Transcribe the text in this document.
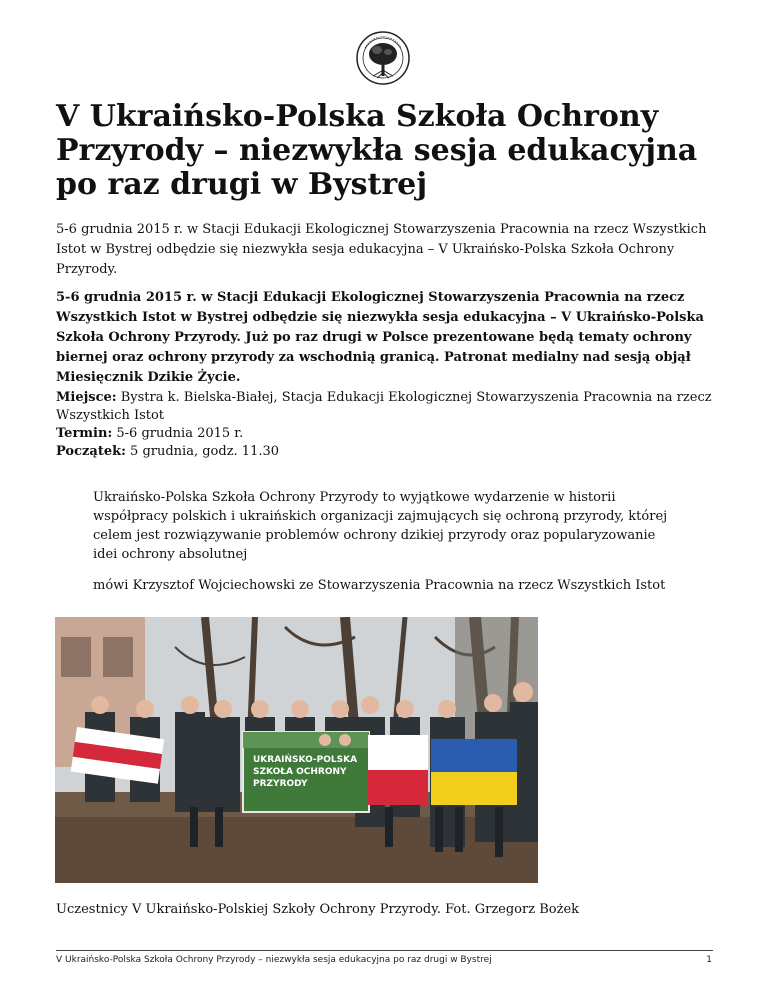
V Ukraińsko-Polska Szkoła Ochrony Przyrody – niezwykła sesja edukacyjna po raz drugi w Bystrej

5-6 grudnia 2015 r. w Stacji Edukacji Ekologicznej Stowarzyszenia Pracownia na rzecz Wszystkich Istot w Bystrej odbędzie się niezwykła sesja edukacyjna – V Ukraińsko-Polska Szkoła Ochrony Przyrody.

5-6 grudnia 2015 r. w Stacji Edukacji Ekologicznej Stowarzyszenia Pracownia na rzecz Wszystkich Istot w Bystrej odbędzie się niezwykła sesja edukacyjna – V Ukraińsko-Polska Szkoła Ochrony Przyrody. Już po raz drugi w Polsce prezentowane będą tematy ochrony biernej oraz ochrony przyrody za wschodnią granicą. Patronat medialny nad sesją objął Miesięcznik Dzikie Życie.

Miejsce: Bystra k. Bielska-Białej, Stacja Edukacji Ekologicznej Stowarzyszenia Pracownia na rzecz Wszystkich Istot
Termin: 5-6 grudnia 2015 r.
Początek: 5 grudnia, godz. 11.30

Ukraińsko-Polska Szkoła Ochrony Przyrody to wyjątkowe wydarzenie w historii współpracy polskich i ukraińskich organizacji zajmujących się ochroną przyrody, której celem jest rozwiązywanie problemów ochrony dzikiej przyrody oraz popularyzowanie idei ochrony absolutnej

mówi Krzysztof Wojciechowski ze Stowarzyszenia Pracownia na rzecz Wszystkich Istot

UKRAIŃSKO-POLSKA
SZKOŁA OCHRONY
PRZYRODY

Uczestnicy V Ukraińsko-Polskiej Szkoły Ochrony Przyrody. Fot. Grzegorz Bożek

V Ukraińsko-Polska Szkoła Ochrony Przyrody – niezwykła sesja edukacyjna po raz drugi w Bystrej	1
